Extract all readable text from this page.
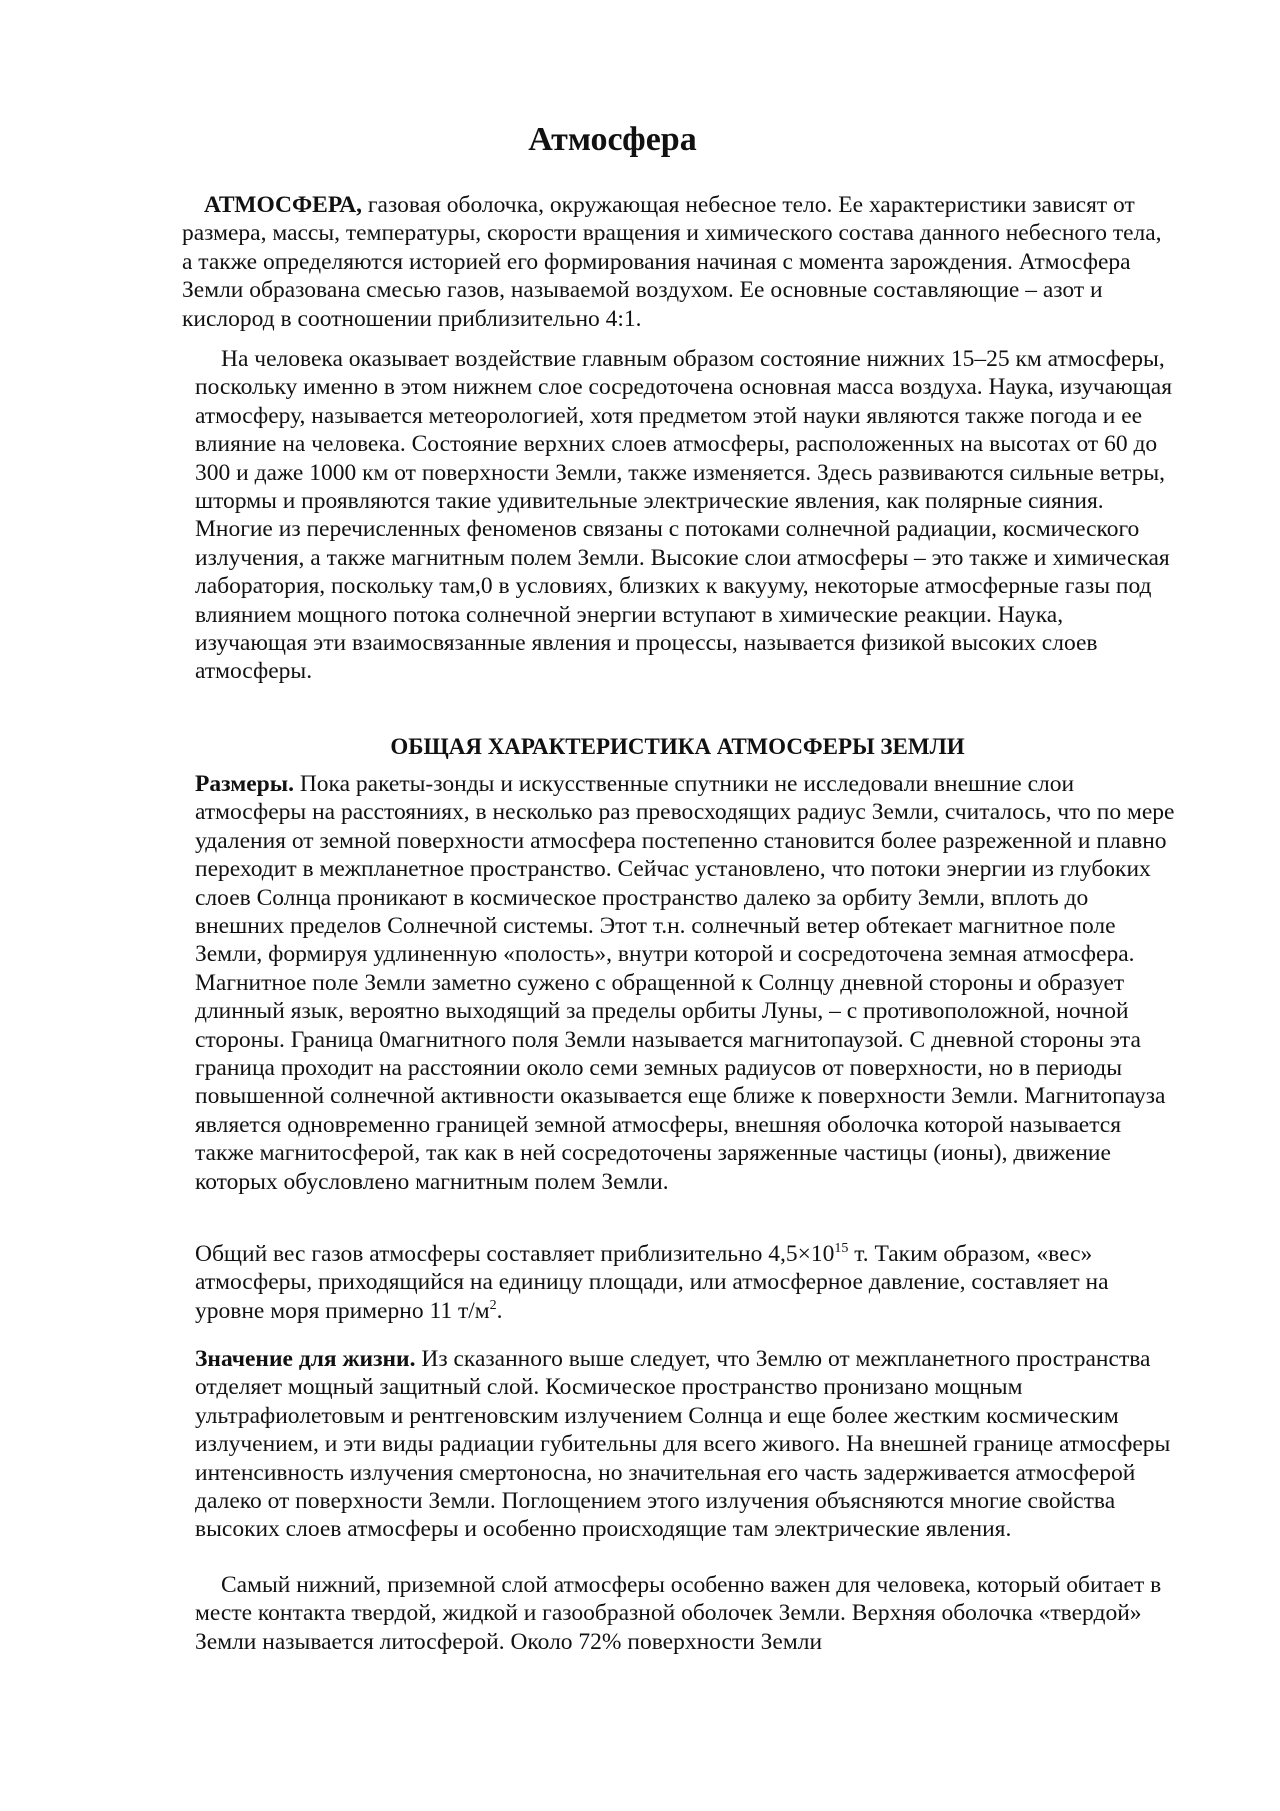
Атмосфера

АТМОСФЕРА, газовая оболочка, окружающая небесное тело. Ее характеристики зависят от размера, массы, температуры, скорости вращения и химического состава данного небесного тела, а также определяются историей его формирования начиная с момента зарождения. Атмосфера Земли образована смесью газов, называемой воздухом. Ее основные составляющие – азот и кислород в соотношении приблизительно 4:1.

На человека оказывает воздействие главным образом состояние нижних 15–25 км атмосферы, поскольку именно в этом нижнем слое сосредоточена основная масса воздуха. Наука, изучающая атмосферу, называется метеорологией, хотя предметом этой науки являются также погода и ее влияние на человека. Состояние верхних слоев атмосферы, расположенных на высотах от 60 до 300 и даже 1000 км от поверхности Земли, также изменяется. Здесь развиваются сильные ветры, штормы и проявляются такие удивительные электрические явления, как полярные сияния. Многие из перечисленных феноменов связаны с потоками солнечной радиации, космического излучения, а также магнитным полем Земли. Высокие слои атмосферы – это также и химическая лаборатория, поскольку там,0 в условиях, близких к вакууму, некоторые атмосферные газы под влиянием мощного потока солнечной энергии вступают в химические реакции. Наука, изучающая эти взаимосвязанные явления и процессы, называется физикой высоких слоев атмосферы.

ОБЩАЯ ХАРАКТЕРИСТИКА АТМОСФЕРЫ ЗЕМЛИ

Размеры. Пока ракеты-зонды и искусственные спутники не исследовали внешние слои атмосферы на расстояниях, в несколько раз превосходящих радиус Земли, считалось, что по мере удаления от земной поверхности атмосфера постепенно становится более разреженной и плавно переходит в межпланетное пространство. Сейчас установлено, что потоки энергии из глубоких слоев Солнца проникают в космическое пространство далеко за орбиту Земли, вплоть до внешних пределов Солнечной системы. Этот т.н. солнечный ветер обтекает магнитное поле Земли, формируя удлиненную «полость», внутри которой и сосредоточена земная атмосфера. Магнитное поле Земли заметно сужено с обращенной к Солнцу дневной стороны и образует длинный язык, вероятно выходящий за пределы орбиты Луны, – с противоположной, ночной стороны. Граница 0магнитного поля Земли называется магнитопаузой. С дневной стороны эта граница проходит на расстоянии около семи земных радиусов от поверхности, но в периоды повышенной солнечной активности оказывается еще ближе к поверхности Земли. Магнитопауза является одновременно границей земной атмосферы, внешняя оболочка которой называется также магнитосферой, так как в ней сосредоточены заряженные частицы (ионы), движение которых обусловлено магнитным полем Земли.

Общий вес газов атмосферы составляет приблизительно $4,5\times 10^{15}$ т. Таким образом, «вес» атмосферы, приходящийся на единицу площади, или атмосферное давление, составляет на уровне моря примерно 11 $т/м^2$.

Значение для жизни. Из сказанного выше следует, что Землю от межпланетного пространства отделяет мощный защитный слой. Космическое пространство пронизано мощным ультрафиолетовым и рентгеновским излучением Солнца и еще более жестким космическим излучением, и эти виды радиации губительны для всего живого. На внешней границе атмосферы интенсивность излучения смертоносна, но значительная его часть задерживается атмосферой далеко от поверхности Земли. Поглощением этого излучения объясняются многие свойства высоких слоев атмосферы и особенно происходящие там электрические явления.

Самый нижний, приземной слой атмосферы особенно важен для человека, который обитает в месте контакта твердой, жидкой и газообразной оболочек Земли. Верхняя оболочка «твердой» Земли называется литосферой. Около 72% поверхности Земли
